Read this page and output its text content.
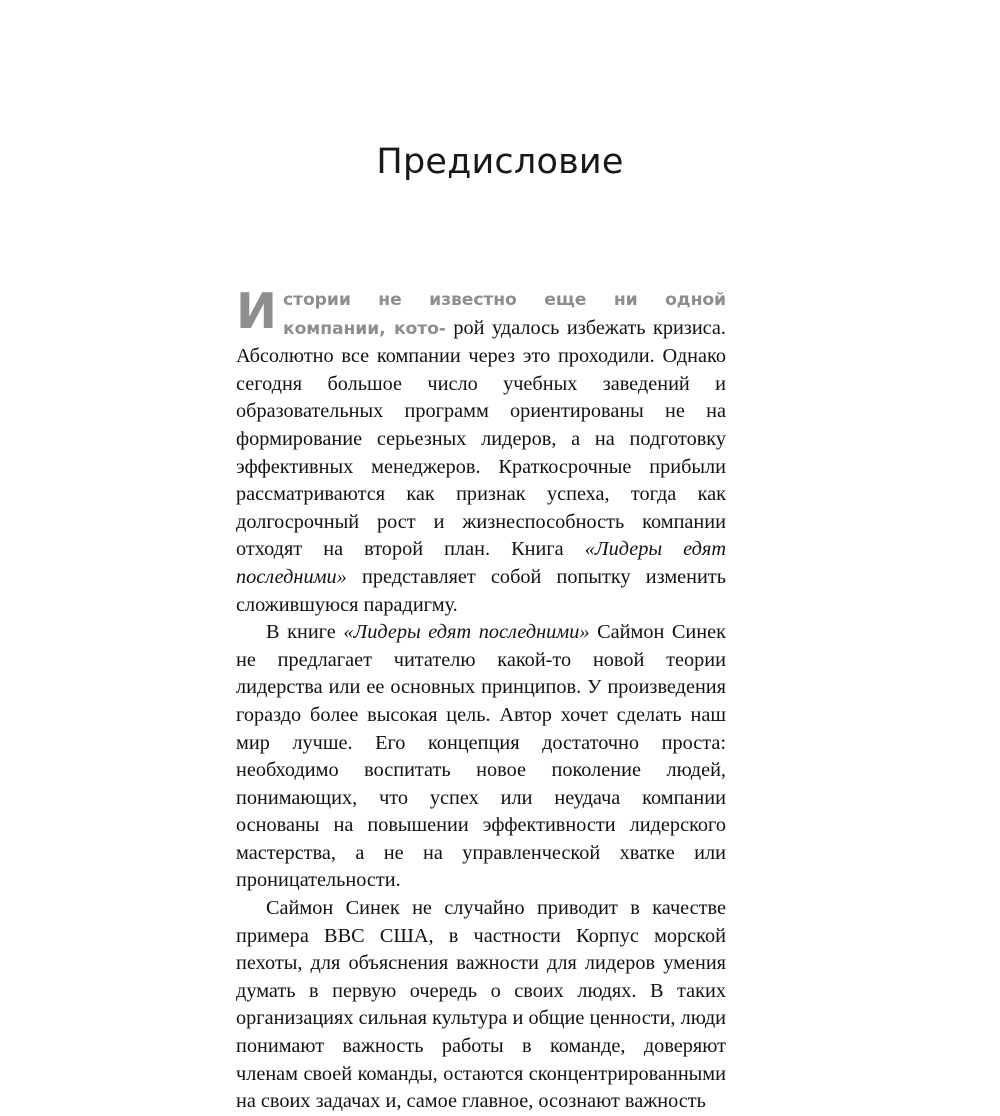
Предисловие

Истории не известно еще ни одной компании, кото- рой удалось избежать кризиса. Абсолютно все компании через это проходили. Однако сегодня большое число учебных заведений и образовательных программ ориентированы не на формирование серьезных лидеров, а на подготовку эффективных менеджеров. Краткосрочные прибыли рассматриваются как признак успеха, тогда как долгосрочный рост и жизнеспособность компании отходят на второй план. Книга «Лидеры едят последними» представляет собой попытку изменить сложившуюся парадигму.

В книге «Лидеры едят последними» Саймон Синек не предлагает читателю какой-то новой теории лидерства или ее основных принципов. У произведения гораздо более высокая цель. Автор хочет сделать наш мир лучше. Его концепция достаточно проста: необходимо воспитать новое поколение людей, понимающих, что успех или неудача компании основаны на повышении эффективности лидерского мастерства, а не на управленческой хватке или проницательности.

Саймон Синек не случайно приводит в качестве примера ВВС США, в частности Корпус морской пехоты, для объяснения важности для лидеров умения думать в первую очередь о своих людях. В таких организациях сильная культура и общие ценности, люди понимают важность работы в команде, доверяют членам своей команды, остаются сконцентрированными на своих задачах и, самое главное, осознают важность
